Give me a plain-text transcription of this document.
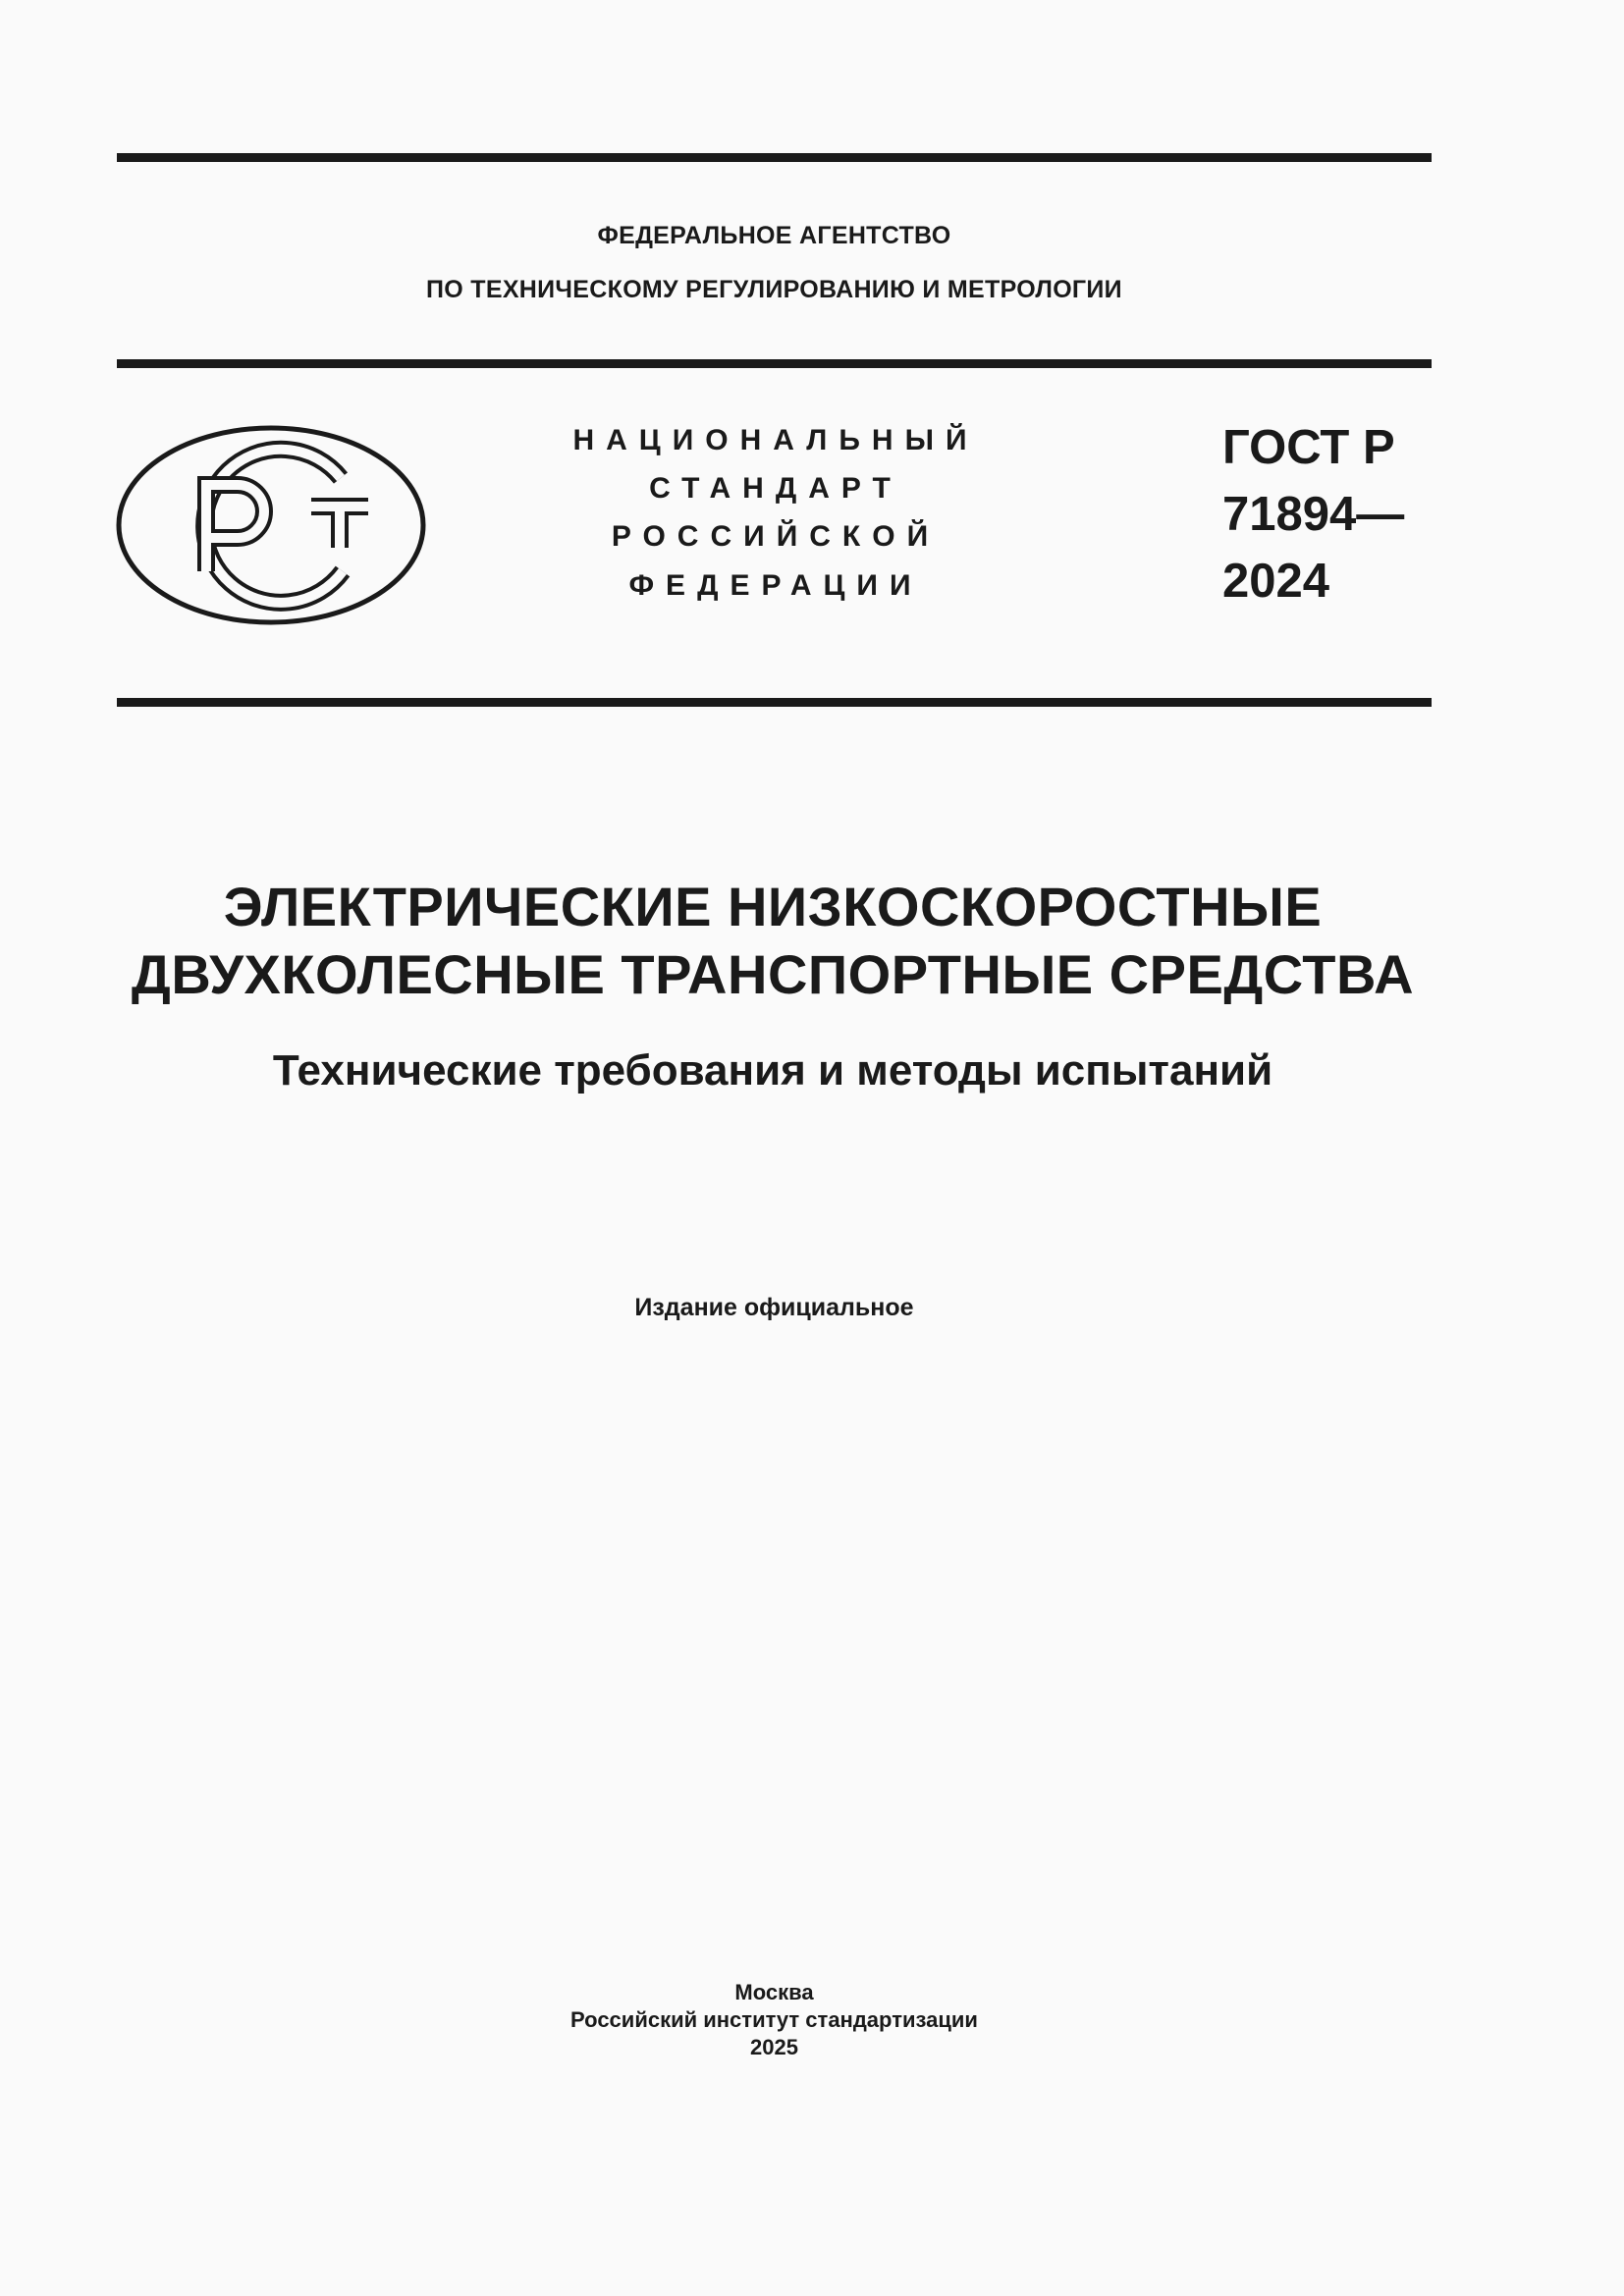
ФЕДЕРАЛЬНОЕ АГЕНТСТВО
ПО ТЕХНИЧЕСКОМУ РЕГУЛИРОВАНИЮ И МЕТРОЛОГИИ
НАЦИОНАЛЬНЫЙ
СТАНДАРТ
РОССИЙСКОЙ
ФЕДЕРАЦИИ
ГОСТ Р
71894—
2024
ЭЛЕКТРИЧЕСКИЕ НИЗКОСКОРОСТНЫЕ
ДВУХКОЛЕСНЫЕ ТРАНСПОРТНЫЕ СРЕДСТВА
Технические требования и методы испытаний
Издание официальное
Москва
Российский институт стандартизации
2025
